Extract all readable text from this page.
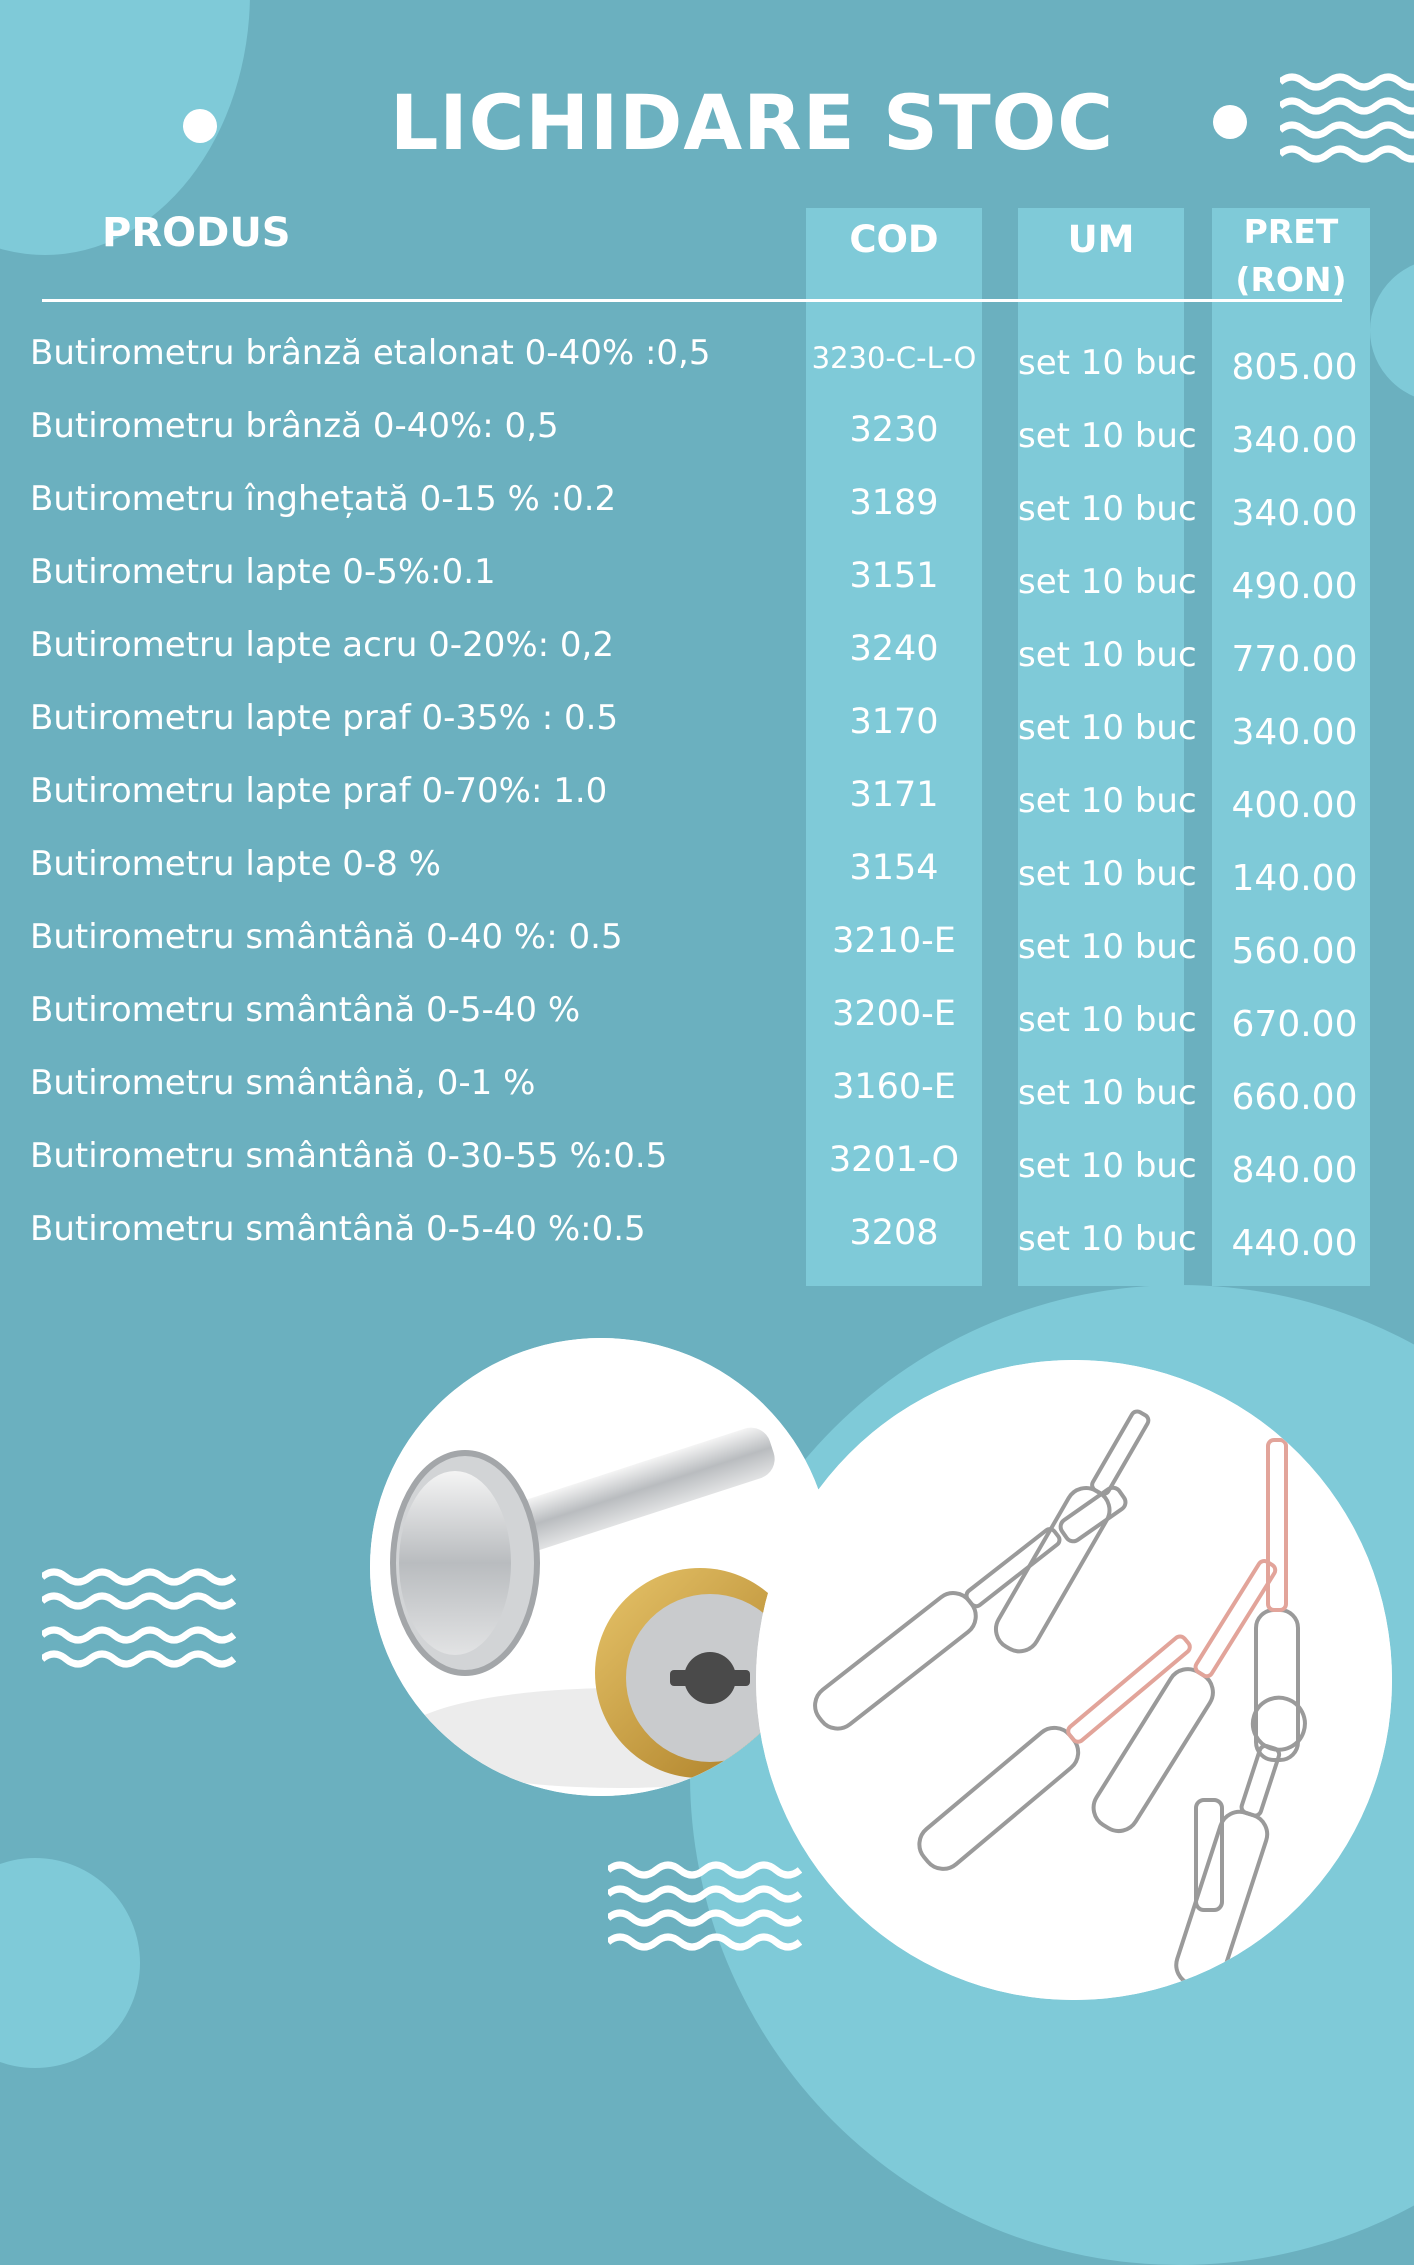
LICHIDARE STOC
PRODUS	COD	UM	PRET
(RON)
Butirometru brânză etalonat 0-40% :0,5	3230-C-L-O set 10 buc 805.00
Butirometru brânză 0-40%: 0,5	3230	set 10 buc 340.00
Butirometru înghețată 0-15 % :0.2	3189	set 10 buc 340.00
Butirometru lapte 0-5%:0.1	3151	set 10 buc 490.00
Butirometru lapte acru 0-20%: 0,2	3240	set 10 buc 770.00
Butirometru lapte praf 0-35% : 0.5	3170	set 10 buc 340.00
Butirometru lapte praf 0-70%: 1.0	3171	set 10 buc 400.00
Butirometru lapte 0-8 %	3154	set 10 buc 140.00
Butirometru smântână 0-40 %: 0.5	3210-E	set 10 buc 560.00
Butirometru smântână 0-5-40 %	3200-E	set 10 buc 670.00
Butirometru smântână, 0-1 %	3160-E	set 10 buc 660.00
Butirometru smântână 0-30-55 %:0.5	3201-O	set 10 buc 840.00
Butirometru smântână 0-5-40 %:0.5	3208	set 10 buc 440.00
